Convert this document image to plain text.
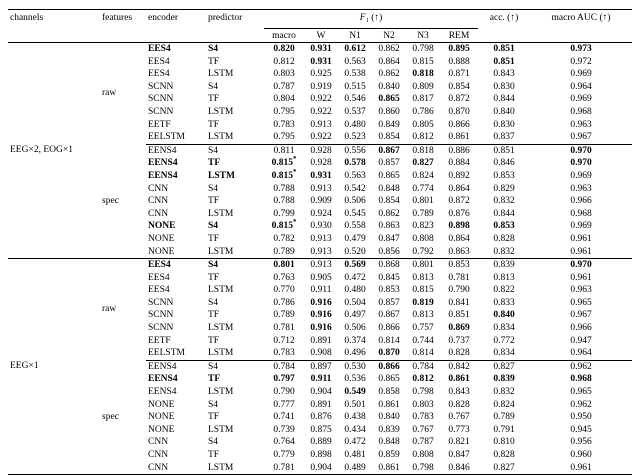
channels	features	encoder	predictor	F₁ (↑)						acc. (↑)	macro AUC (↑)
				macro	W	N1	N2	N3	REM		
EEG×2, EOG×1	raw	EES4	S4	0.820	0.931	0.612	0.862	0.798	0.895	0.851	0.973
		EES4	TF	0.812	0.931	0.563	0.864	0.815	0.888	0.851	0.972
		EES4	LSTM	0.803	0.925	0.538	0.862	0.818	0.871	0.843	0.969
		SCNN	S4	0.787	0.919	0.515	0.840	0.809	0.854	0.830	0.964
		SCNN	TF	0.804	0.922	0.546	0.865	0.817	0.872	0.844	0.969
		SCNN	LSTM	0.795	0.922	0.537	0.860	0.786	0.870	0.840	0.968
		EETF	TF	0.783	0.913	0.480	0.849	0.805	0.866	0.830	0.963
		EELSTM	LSTM	0.795	0.922	0.523	0.854	0.812	0.861	0.837	0.967
	spec	EENS4	S4	0.811	0.928	0.556	0.867	0.818	0.886	0.851	0.970
		EENS4	TF	0.815*	0.928	0.578	0.857	0.827	0.884	0.846	0.970
		EENS4	LSTM	0.815*	0.931	0.563	0.865	0.824	0.892	0.853	0.969
		CNN	S4	0.788	0.913	0.542	0.848	0.774	0.864	0.829	0.963
		CNN	TF	0.788	0.909	0.506	0.854	0.801	0.872	0.832	0.966
		CNN	LSTM	0.799	0.924	0.545	0.862	0.789	0.876	0.844	0.968
		NONE	S4	0.815*	0.930	0.558	0.863	0.823	0.898	0.853	0.969
		NONE	TF	0.782	0.913	0.479	0.847	0.808	0.864	0.828	0.961
		NONE	LSTM	0.789	0.913	0.520	0.856	0.792	0.863	0.832	0.961
EEG×1	raw	EES4	S4	0.801	0.913	0.569	0.868	0.801	0.853	0.839	0.970
		EES4	TF	0.763	0.905	0.472	0.845	0.813	0.781	0.813	0.961
		EES4	LSTM	0.770	0.911	0.480	0.853	0.815	0.790	0.822	0.963
		SCNN	S4	0.786	0.916	0.504	0.857	0.819	0.841	0.833	0.965
		SCNN	TF	0.789	0.916	0.497	0.867	0.813	0.851	0.840	0.967
		SCNN	LSTM	0.781	0.916	0.506	0.866	0.757	0.869	0.834	0.966
		EETF	TF	0.712	0.891	0.374	0.814	0.744	0.737	0.772	0.947
		EELSTM	LSTM	0.783	0.908	0.496	0.870	0.814	0.828	0.834	0.964
	spec	EENS4	S4	0.784	0.897	0.530	0.866	0.784	0.842	0.827	0.962
		EENS4	TF	0.797	0.911	0.536	0.865	0.812	0.861	0.839	0.968
		EENS4	LSTM	0.790	0.904	0.549	0.858	0.798	0.843	0.832	0.965
		NONE	S4	0.777	0.891	0.501	0.861	0.803	0.828	0.824	0.962
		NONE	TF	0.741	0.876	0.438	0.840	0.783	0.767	0.789	0.950
		NONE	LSTM	0.739	0.875	0.434	0.839	0.767	0.773	0.791	0.945
		CNN	S4	0.764	0.889	0.472	0.848	0.787	0.821	0.810	0.956
		CNN	TF	0.779	0.898	0.481	0.859	0.808	0.847	0.828	0.960
		CNN	LSTM	0.781	0.904	0.489	0.861	0.798	0.846	0.827	0.961
